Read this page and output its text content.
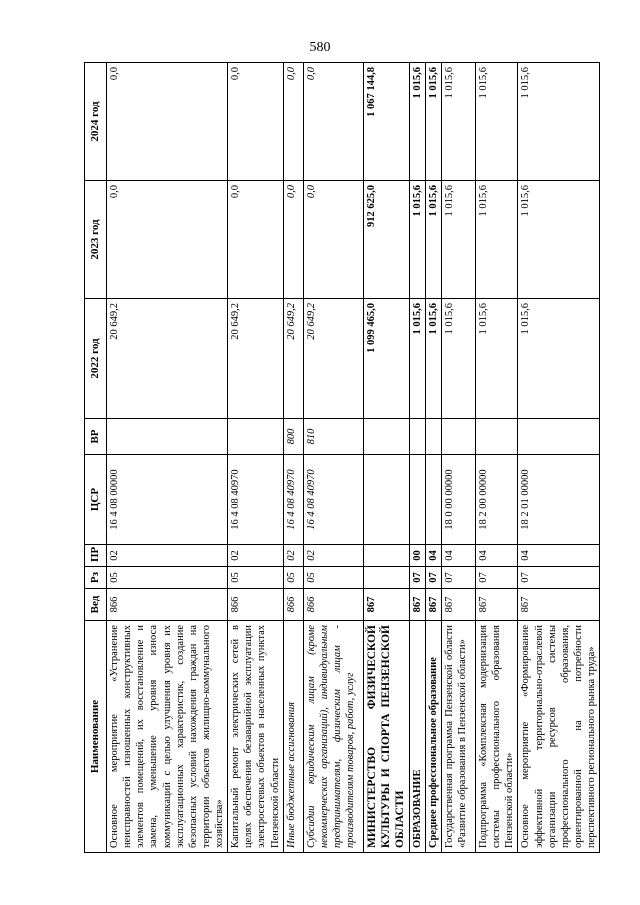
580
Наименование	Вед	Рз	ПР	ЦСР	ВР	2022 год	2023 год	2024 год
Основное мероприятие «Устранение неисправностей изношенных конструктивных элементов помещений, их восстановление и замена, уменьшение уровня износа коммуникаций с целью улучшения уровня их эксплуатационных характеристик, создание безопасных условий нахождения граждан на территории объектов жилищно-коммунального хозяйства»	866	05	02	16 4 08 00000		20 649,2	0,0	0,0
Капитальный ремонт электрических сетей в целях обеспечения безаварийной эксплуатации электросетевых объектов в населенных пунктах Пензенской области	866	05	02	16 4 08 40970		20 649,2	0,0	0,0
Иные бюджетные ассигнования	866	05	02	16 4 08 40970	800	20 649,2	0,0	0,0
Субсидии юридическим лицам (кроме некоммерческих организаций), индивидуальным предпринимателям, физическим лицам - производителям товаров, работ, услуг	866	05	02	16 4 08 40970	810	20 649,2	0,0	0,0
МИНИСТЕРСТВО ФИЗИЧЕСКОЙ КУЛЬТУРЫ И СПОРТА ПЕНЗЕНСКОЙ ОБЛАСТИ	867					1 099 465,0	912 625,0	1 067 144,8
ОБРАЗОВАНИЕ	867	07	00			1 015,6	1 015,6	1 015,6
Среднее профессиональное образование	867	07	04			1 015,6	1 015,6	1 015,6
Государственная программа Пензенской области «Развитие образования в Пензенской области»	867	07	04	18 0 00 00000		1 015,6	1 015,6	1 015,6
Подпрограмма «Комплексная модернизация системы профессионального образования Пензенской области»	867	07	04	18 2 00 00000		1 015,6	1 015,6	1 015,6
Основное мероприятие «Формирование эффективной территориально-отраслевой организации ресурсов системы профессионального образования, ориентированной на потребности перспективного регионального рынка труда»	867	07	04	18 2 01 00000		1 015,6	1 015,6	1 015,6
